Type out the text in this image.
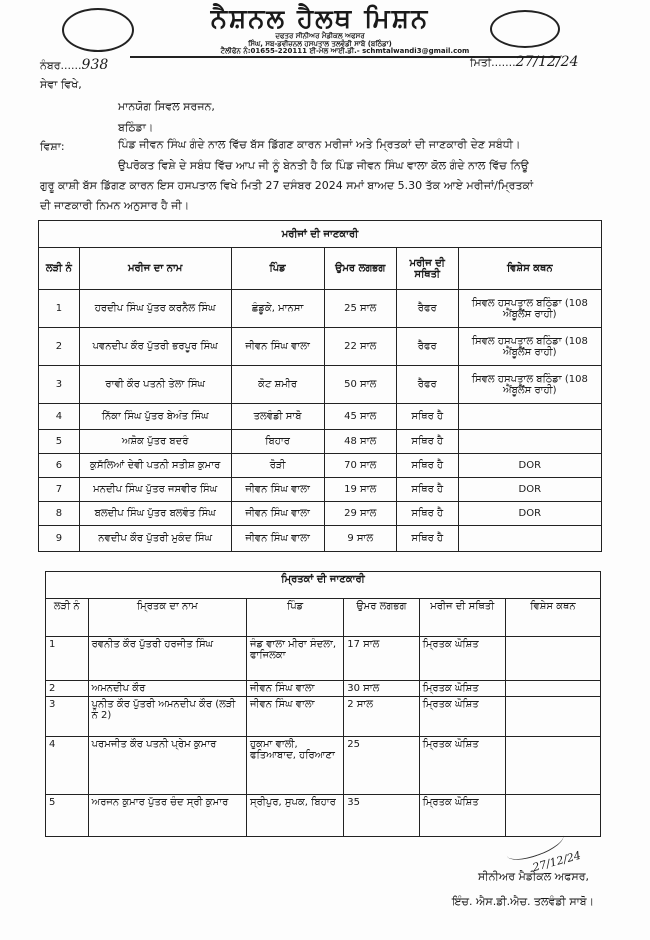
ਨੈਸ਼ਨਲ ਹੈਲਥ ਮਿਸ਼ਨ
ਦਫਤਰ ਸੀਨੀਅਰ ਮੈਡੀਕਲ ਅਫਸਰ
ਸਿੰਘ, ਸਬ-ਡਵੀਜ਼ਨਲ ਹਸਪਤਾਲ ਤਲਵੰਡੀ ਸਾਬੋ (ਬਠਿੰਡਾ)
ਟੈਲੀਫੋਨ ਨੰ:01655-220111 ਈ-ਮੇਲ ਆਈ.ਡੀ.- schmtalwandi3@gmail.com
ਨੰਬਰ......938	ਮਿਤੀ.......27/12/24
ਸੇਵਾ ਵਿਖੇ,
ਮਾਨਯੋਗ ਸਿਵਲ ਸਰਜਨ,
ਬਠਿੰਡਾ।
ਵਿਸ਼ਾ:	ਪਿੰਡ ਜੀਵਨ ਸਿੰਘ ਗੰਦੇ ਨਾਲ ਵਿੱਚ ਬੱਸ ਡਿੱਗਣ ਕਾਰਨ ਮਰੀਜਾਂ ਅਤੇ ਮ੍ਰਿਤਕਾਂ ਦੀ ਜਾਣਕਾਰੀ ਦੇਣ ਸਬੰਧੀ।
ਉਪਰੋਕਤ ਵਿਸ਼ੇ ਦੇ ਸਬੰਧ ਵਿੱਚ ਆਪ ਜੀ ਨੂੰ ਬੇਨਤੀ ਹੈ ਕਿ ਪਿੰਡ ਜੀਵਨ ਸਿੰਘ ਵਾਲਾ ਕੋਲ ਗੰਦੇ ਨਾਲ ਵਿੱਚ ਨਿਊ
ਗੁਰੂ ਕਾਸ਼ੀ ਬੱਸ ਡਿੱਗਣ ਕਾਰਨ ਇਸ ਹਸਪਤਾਲ ਵਿਖੇ ਮਿਤੀ 27 ਦਸੰਬਰ 2024 ਸਮਾਂ ਬਾਅਦ 5.30 ਤੱਕ ਆਏ ਮਰੀਜਾਂ/ਮ੍ਰਿਤਕਾਂ
ਦੀ ਜਾਣਕਾਰੀ ਨਿਮਨ ਅਨੁਸਾਰ ਹੈ ਜੀ।
ਮਰੀਜਾਂ ਦੀ ਜਾਣਕਾਰੀ					
ਲੜੀ ਨੰ	ਮਰੀਜ ਦਾ ਨਾਮ	ਪਿੰਡ	ਉਮਰ ਲਗਭਗ	ਮਰੀਜ ਦੀ ਸਥਿਤੀ	ਵਿਸ਼ੇਸ ਕਥਨ
1	ਹਰਦੀਪ ਸਿੰਘ ਪੁੱਤਰ ਕਰਨੈਲ ਸਿੰਘ	ਛੰਡੂਕੇ, ਮਾਨਸਾ	25 ਸਾਲ	ਰੈਫਰ	ਸਿਵਲ ਹਸਪਤਾਲ ਬਠਿੰਡਾ (108 ਐਂਬੂਲੈਂਸ ਰਾਹੀ)
2	ਪਵਨਦੀਪ ਕੌਰ ਪੁੱਤਰੀ ਭਰਪੂਰ ਸਿੰਘ	ਜੀਵਨ ਸਿੰਘ ਵਾਲਾ	22 ਸਾਲ	ਰੈਫਰ	ਸਿਵਲ ਹਸਪਤਾਲ ਬਠਿੰਡਾ (108 ਐਂਬੂਲੈਂਸ ਰਾਹੀ)
3	ਰਾਵੀ ਕੌਰ ਪਤਨੀ ਤੇਲਾ ਸਿੰਘ	ਕੋਟ ਸ਼ਮੀਰ	50 ਸਾਲ	ਰੈਫਰ	ਸਿਵਲ ਹਸਪਤਾਲ ਬਠਿੰਡਾ (108 ਐਂਬੂਲੈਂਸ ਰਾਹੀ)
4	ਨਿੱਕਾ ਸਿੰਘ ਪੁੱਤਰ ਬੇਅੰਤ ਸਿੰਘ	ਤਲਵੰਡੀ ਸਾਬੋ	45 ਸਾਲ	ਸਥਿਰ ਹੈ	
5	ਅਸ਼ੋਕ ਪੁੱਤਰ ਬਦਰੰ	ਬਿਹਾਰ	48 ਸਾਲ	ਸਥਿਰ ਹੈ	
6	ਕੁਸੱਲਿਆਂ ਦੇਵੀ ਪਤਨੀ ਸਤੀਸ਼ ਕੁਮਾਰ	ਰੋੜੀ	70 ਸਾਲ	ਸਥਿਰ ਹੈ	DOR
7	ਮਨਦੀਪ ਸਿੰਘ ਪੁੱਤਰ ਜਸਵੀਰ ਸਿੰਘ	ਜੀਵਨ ਸਿੰਘ ਵਾਲਾ	19 ਸਾਲ	ਸਥਿਰ ਹੈ	DOR
8	ਬਲਦੀਪ ਸਿੰਘ ਪੁੱਤਰ ਬਲਵੰਤ ਸਿੰਘ	ਜੀਵਨ ਸਿੰਘ ਵਾਲਾ	29 ਸਾਲ	ਸਥਿਰ ਹੈ	DOR
9	ਨਵਦੀਪ ਕੌਰ ਪੁੱਤਰੀ ਮੁਕੰਦ ਸਿੰਘ	ਜੀਵਨ ਸਿੰਘ ਵਾਲਾ	9 ਸਾਲ	ਸਥਿਰ ਹੈ	
ਮ੍ਰਿਤਕਾਂ ਦੀ ਜਾਣਕਾਰੀ					
ਲੜੀ ਨੰ	ਮ੍ਰਿਤਕ ਦਾ ਨਾਮ	ਪਿੰਡ	ਉਮਰ ਲਗਭਗ	ਮਰੀਜ ਦੀ ਸਥਿਤੀ	ਵਿਸ਼ੇਸ ਕਥਨ
1	ਰਵਨੀਤ ਕੌਰ ਪੁੱਤਰੀ ਹਰਜੀਤ ਸਿੰਘ	ਜੰਡ ਵਾਲਾ ਮੀਰਾ ਸੰਦਲਾ, ਫਾਜਿਲਕਾ	17 ਸਾਲ	ਮ੍ਰਿਤਕ ਘੋਸ਼ਿਤ	
2	ਅਮਨਦੀਪ ਕੌਰ	ਜੀਵਨ ਸਿੰਘ ਵਾਲਾ	30 ਸਾਲ	ਮ੍ਰਿਤਕ ਘੋਸ਼ਿਤ	
3	ਪੁਨੀਤ ਕੌਰ ਪੁੱਤਰੀ ਅਮਨਦੀਪ ਕੌਰ (ਲੜੀ ਨੰ 2)	ਜੀਵਨ ਸਿੰਘ ਵਾਲਾ	2 ਸਾਲ	ਮ੍ਰਿਤਕ ਘੋਸ਼ਿਤ	
4	ਪਰਮਜੀਤ ਕੌਰ ਪਤਨੀ ਪ੍ਰੇਮ ਕੁਮਾਰ	ਹੁਕਮਾ ਵਾਲੀ, ਫਤਿਆਬਾਦ, ਹਰਿਆਣਾ	25	ਮ੍ਰਿਤਕ ਘੋਸ਼ਿਤ	
5	ਅਰਜਨ ਕੁਮਾਰ ਪੁੱਤਰ ਚੰਦ ਸ੍ਰੀ ਕੁਮਾਰ	ਸ੍ਰੀਪੁਰ, ਸੁਪਕ, ਬਿਹਾਰ	35	ਮ੍ਰਿਤਕ ਘੋਸ਼ਿਤ	
27/12/24
ਸੀਨੀਅਰ ਮੈਡੀਕਲ ਅਫਸਰ,
ਇੰਚ. ਐਸ.ਡੀ.ਐਚ. ਤਲਵੰਡੀ ਸਾਬੋ।
